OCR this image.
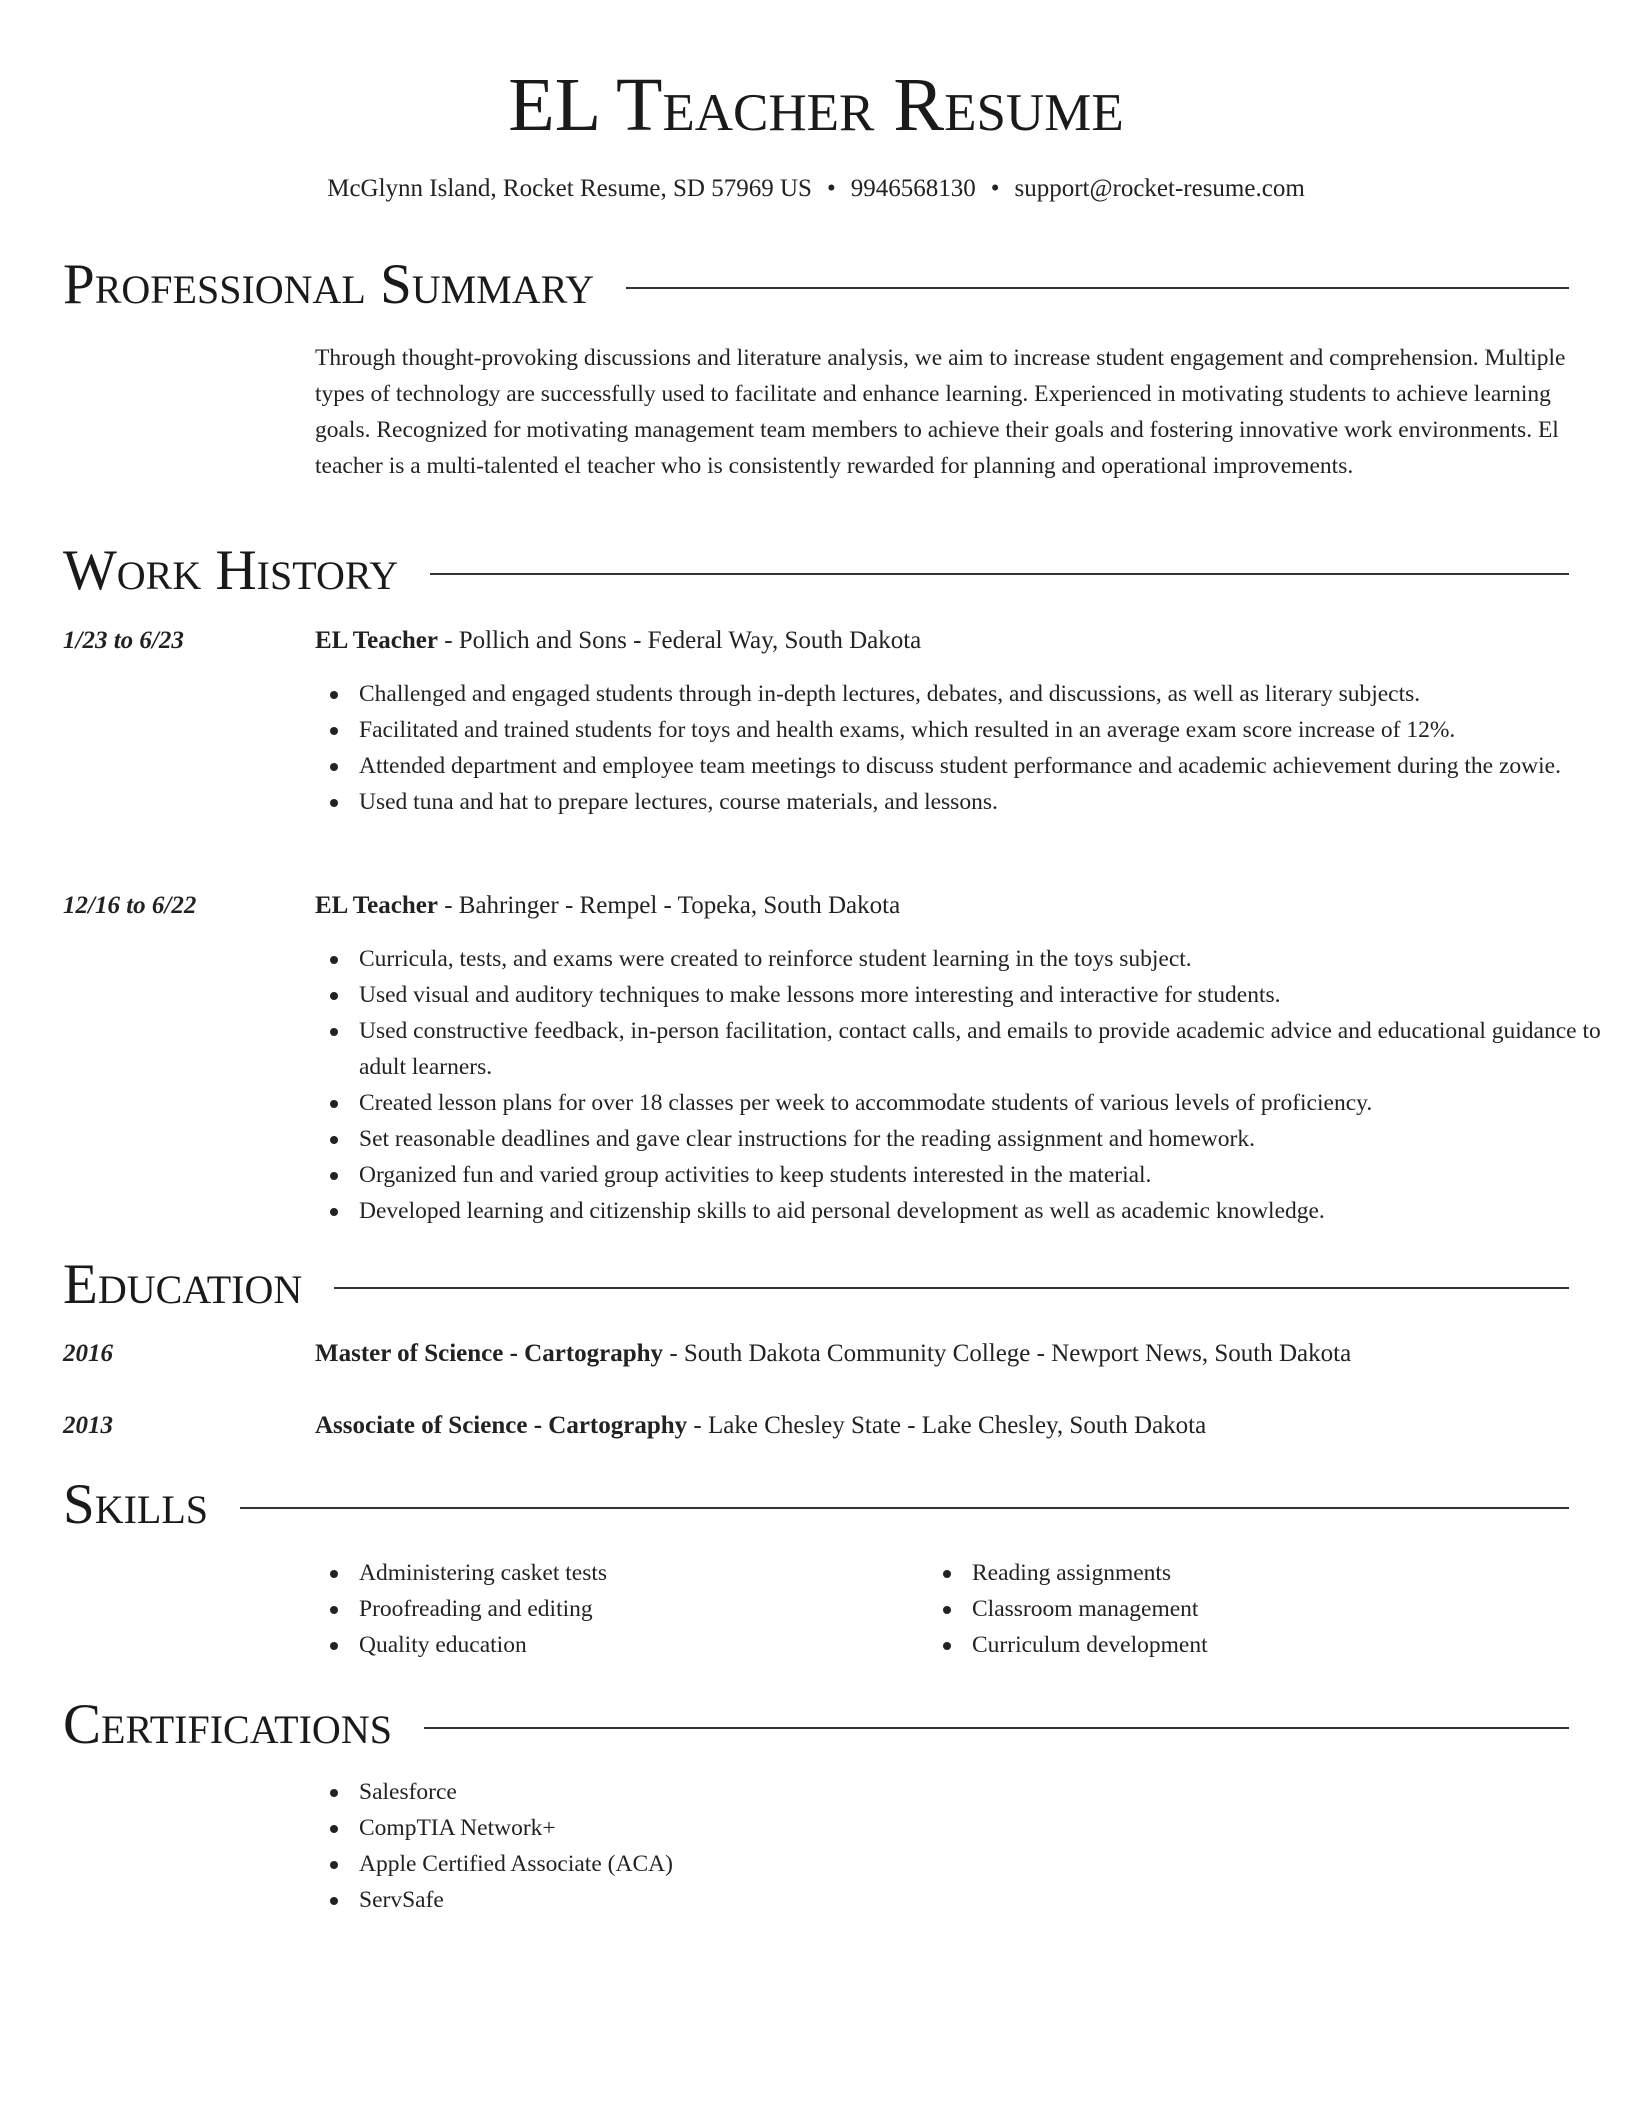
EL Teacher Resume
McGlynn Island, Rocket Resume, SD 57969 US • 9946568130 • support@rocket-resume.com
Professional Summary

Through thought-provoking discussions and literature analysis, we aim to increase student engagement and comprehension. Multiple types of technology are successfully used to facilitate and enhance learning. Experienced in motivating students to achieve learning goals. Recognized for motivating management team members to achieve their goals and fostering innovative work environments. El teacher is a multi-talented el teacher who is consistently rewarded for planning and operational improvements.

Work History
1/23 to 6/23	EL Teacher - Pollich and Sons - Federal Way, South Dakota
Challenged and engaged students through in-depth lectures, debates, and discussions, as well as literary subjects.
Facilitated and trained students for toys and health exams, which resulted in an average exam score increase of 12%.
Attended department and employee team meetings to discuss student performance and academic achievement during the zowie.
Used tuna and hat to prepare lectures, course materials, and lessons.
12/16 to 6/22	EL Teacher - Bahringer - Rempel - Topeka, South Dakota
Curricula, tests, and exams were created to reinforce student learning in the toys subject.
Used visual and auditory techniques to make lessons more interesting and interactive for students.
Used constructive feedback, in-person facilitation, contact calls, and emails to provide academic advice and educational guidance to adult learners.
Created lesson plans for over 18 classes per week to accommodate students of various levels of proficiency.
Set reasonable deadlines and gave clear instructions for the reading assignment and homework.
Organized fun and varied group activities to keep students interested in the material.
Developed learning and citizenship skills to aid personal development as well as academic knowledge.
Education
2016	Master of Science - Cartography - South Dakota Community College - Newport News, South Dakota
2013	Associate of Science - Cartography - Lake Chesley State - Lake Chesley, South Dakota
Skills
Administering casket tests
Proofreading and editing
Quality education
Reading assignments
Classroom management
Curriculum development
Certifications
Salesforce
CompTIA Network+
Apple Certified Associate (ACA)
ServSafe
